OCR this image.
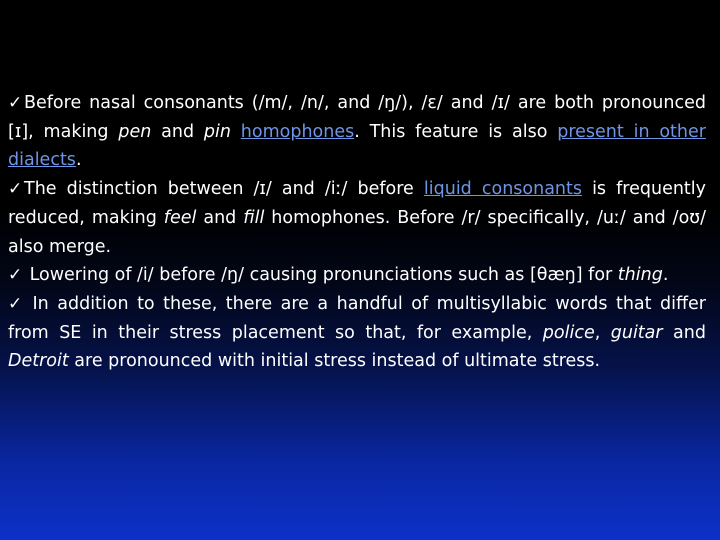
✓ Before nasal consonants (/m/, /n/, and /ŋ/), /ɛ/ and /ɪ/ are both pronounced [ɪ], making pen and pin homophones. This feature is also present in other dialects.

✓ The distinction between /ɪ/ and /iː/ before liquid consonants is frequently reduced, making feel and fill homophones. Before /r/ specifically, /uː/ and /oʊ/ also merge.

✓ Lowering of /i/ before /ŋ/ causing pronunciations such as [θæŋ] for thing.

✓ In addition to these, there are a handful of multisyllabic words that differ from SE in their stress placement so that, for example, police, guitar and Detroit are pronounced with initial stress instead of ultimate stress.
